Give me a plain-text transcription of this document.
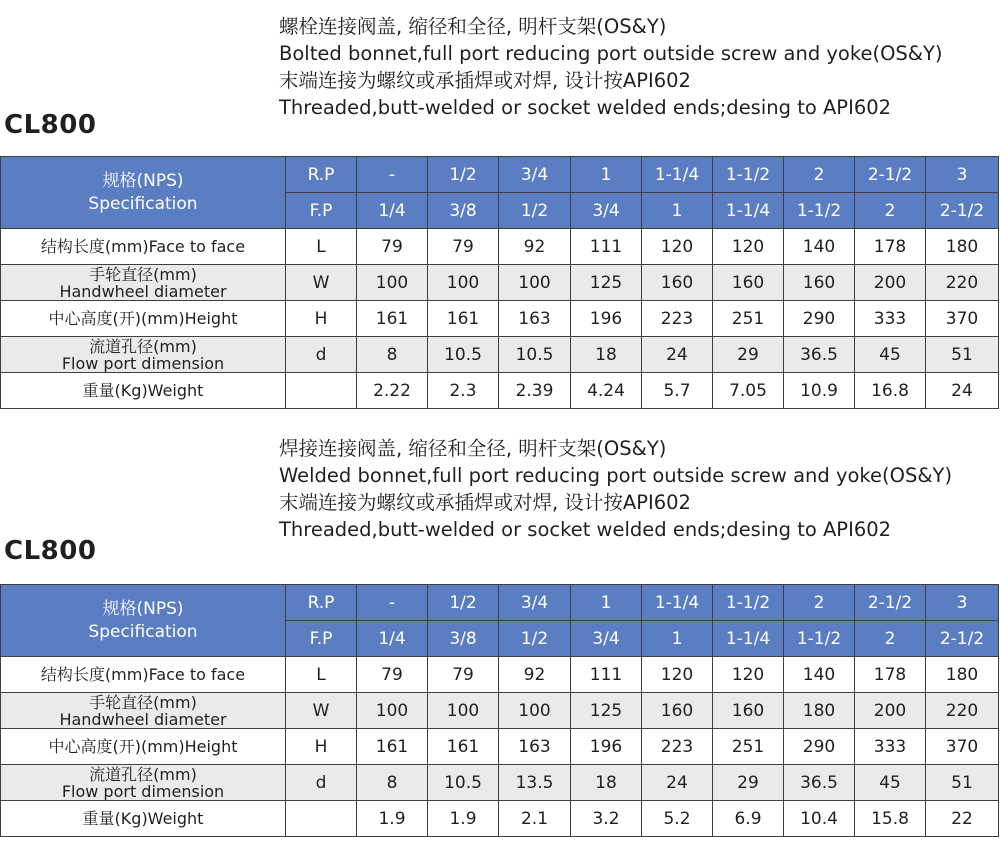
螺栓连接阀盖, 缩径和全径, 明杆支架(OS&Y)
Bolted bonnet,full port reducing port outside screw and yoke(OS&Y)
末端连接为螺纹或承插焊或对焊, 设计按API602
Threaded,butt-welded or socket welded ends;desing to API602
CL800
规格(NPS)
Specification	R.P	-	1/2	3/4	1	1-1/4	1-1/2	2	2-1/2	3
	F.P	1/4	3/8	1/2	3/4	1	1-1/4	1-1/2	2	2-1/2

结构长度(mm)Face to face	L	79	79	92	111	120	120	140	178	180

手轮直径(mm)
Handwheel diameter	W	100	100	100	125	160	160	160	200	220

中心高度(开)(mm)Height	H	161	161	163	196	223	251	290	333	370

流道孔径(mm)
Flow port dimension	d	8	10.5	10.5	18	24	29	36.5	45	51

重量(Kg)Weight		2.22	2.3	2.39	4.24	5.7	7.05	10.9	16.8	24
焊接连接阀盖, 缩径和全径, 明杆支架(OS&Y)
Welded bonnet,full port reducing port outside screw and yoke(OS&Y)
末端连接为螺纹或承插焊或对焊, 设计按API602
Threaded,butt-welded or socket welded ends;desing to API602
CL800
规格(NPS)
Specification	R.P	-	1/2	3/4	1	1-1/4	1-1/2	2	2-1/2	3
	F.P	1/4	3/8	1/2	3/4	1	1-1/4	1-1/2	2	2-1/2

结构长度(mm)Face to face	L	79	79	92	111	120	120	140	178	180

手轮直径(mm)
Handwheel diameter	W	100	100	100	125	160	160	180	200	220

中心高度(开)(mm)Height	H	161	161	163	196	223	251	290	333	370

流道孔径(mm)
Flow port dimension	d	8	10.5	13.5	18	24	29	36.5	45	51

重量(Kg)Weight		1.9	1.9	2.1	3.2	5.2	6.9	10.4	15.8	22
